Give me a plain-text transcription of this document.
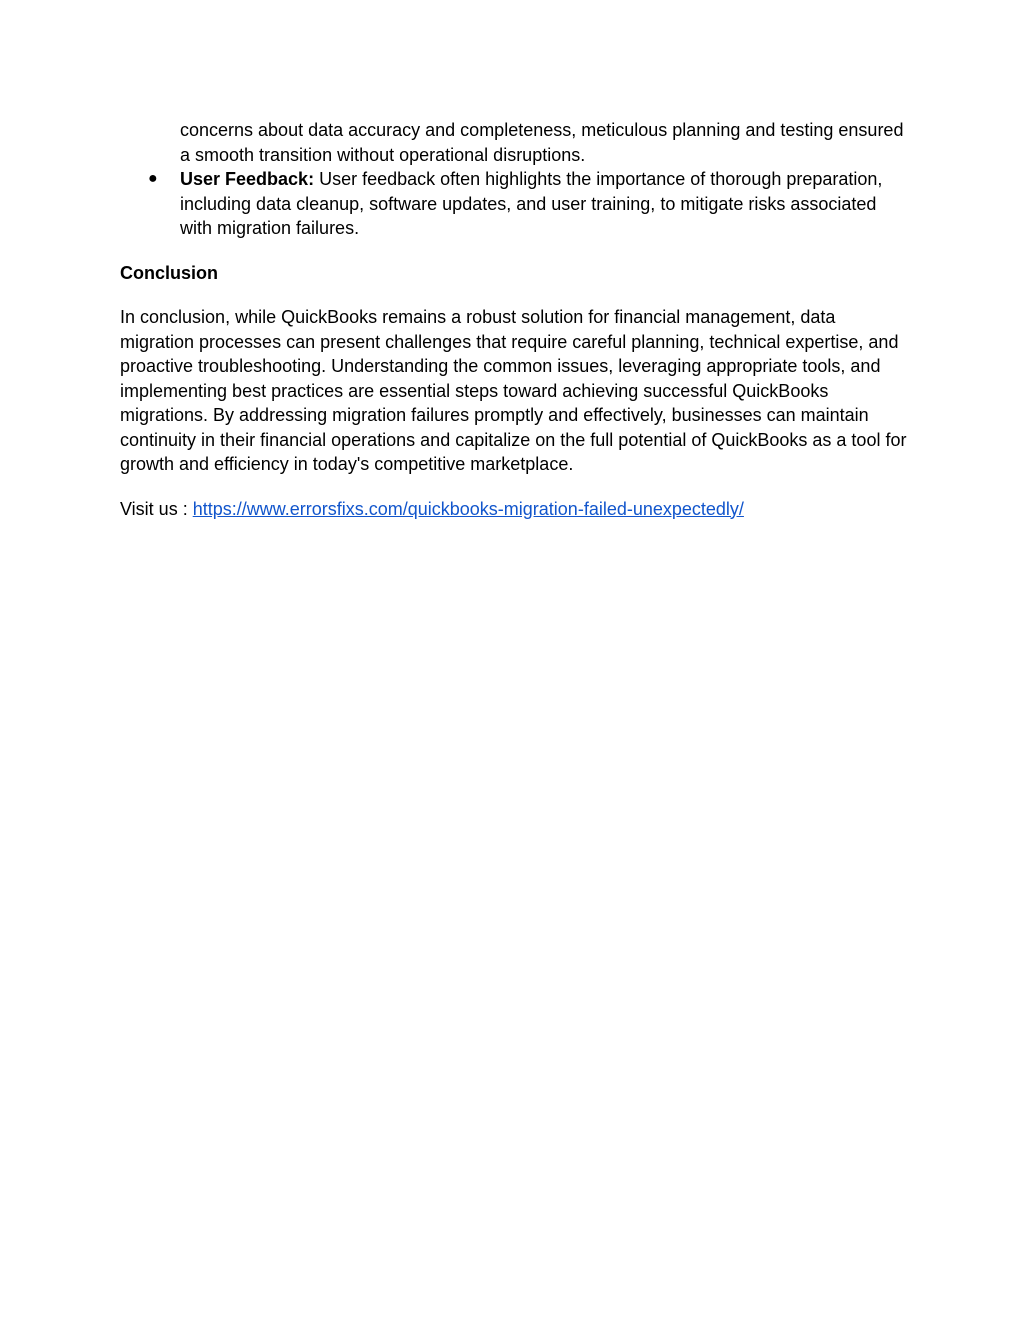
concerns about data accuracy and completeness, meticulous planning and testing ensured a smooth transition without operational disruptions.
● User Feedback: User feedback often highlights the importance of thorough preparation, including data cleanup, software updates, and user training, to mitigate risks associated with migration failures.
Conclusion
In conclusion, while QuickBooks remains a robust solution for financial management, data migration processes can present challenges that require careful planning, technical expertise, and proactive troubleshooting. Understanding the common issues, leveraging appropriate tools, and implementing best practices are essential steps toward achieving successful QuickBooks migrations. By addressing migration failures promptly and effectively, businesses can maintain continuity in their financial operations and capitalize on the full potential of QuickBooks as a tool for growth and efficiency in today's competitive marketplace.
Visit us : https://www.errorsfixs.com/quickbooks-migration-failed-unexpectedly/
